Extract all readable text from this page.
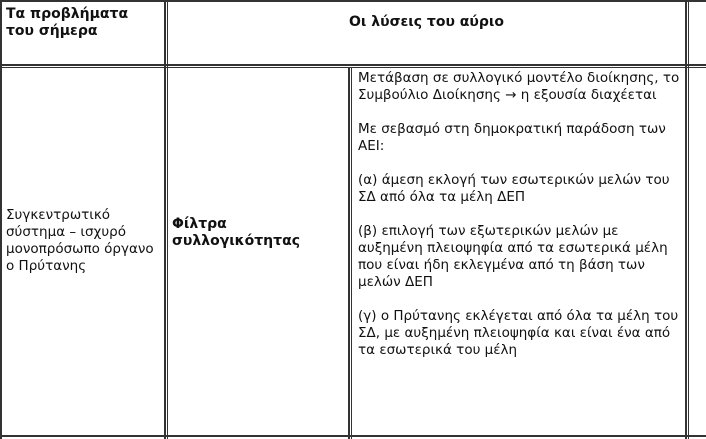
Τα προβλήματα του σήμερα
Οι λύσεις του αύριο
Συγκεντρωτικό σύστημα – ισχυρό μονοπρόσωπο όργανο ο Πρύτανης
Φίλτρα συλλογικότητας

Μετάβαση σε συλλογικό μοντέλο διοίκησης, το Συμβούλιο Διοίκησης → η εξουσία διαχέεται

Με σεβασμό στη δημοκρατική παράδοση των ΑΕΙ:

(α) άμεση εκλογή των εσωτερικών μελών του ΣΔ από όλα τα μέλη ΔΕΠ

(β) επιλογή των εξωτερικών μελών με αυξημένη πλειοψηφία από τα εσωτερικά μέλη που είναι ήδη εκλεγμένα από τη βάση των μελών ΔΕΠ

(γ) ο Πρύτανης εκλέγεται από όλα τα μέλη του ΣΔ, με αυξημένη πλειοψηφία και είναι ένα από τα εσωτερικά του μέλη
